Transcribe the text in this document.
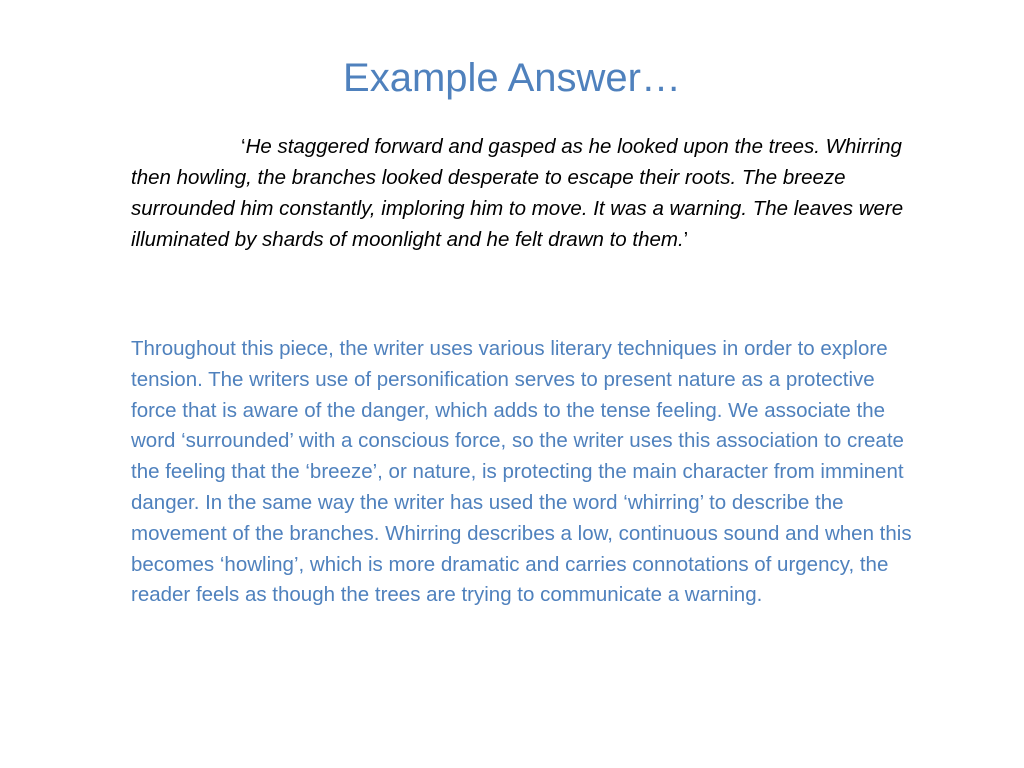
Example Answer…

‘He staggered forward and gasped as he looked upon the trees. Whirring then howling, the branches looked desperate to escape their roots. The breeze surrounded him constantly, imploring him to move. It was a warning. The leaves were illuminated by shards of moonlight and he felt drawn to them.’

Throughout this piece, the writer uses various literary techniques in order to explore tension. The writers use of personification serves to present nature as a protective force that is aware of the danger, which adds to the tense feeling. We associate the word ‘surrounded’ with a conscious force, so the writer uses this association to create the feeling that the ‘breeze’, or nature, is protecting the main character from imminent danger. In the same way the writer has used the word ‘whirring’ to describe the movement of the branches. Whirring describes a low, continuous sound and when this becomes ‘howling’, which is more dramatic and carries connotations of urgency, the reader feels as though the trees are trying to communicate a warning.
